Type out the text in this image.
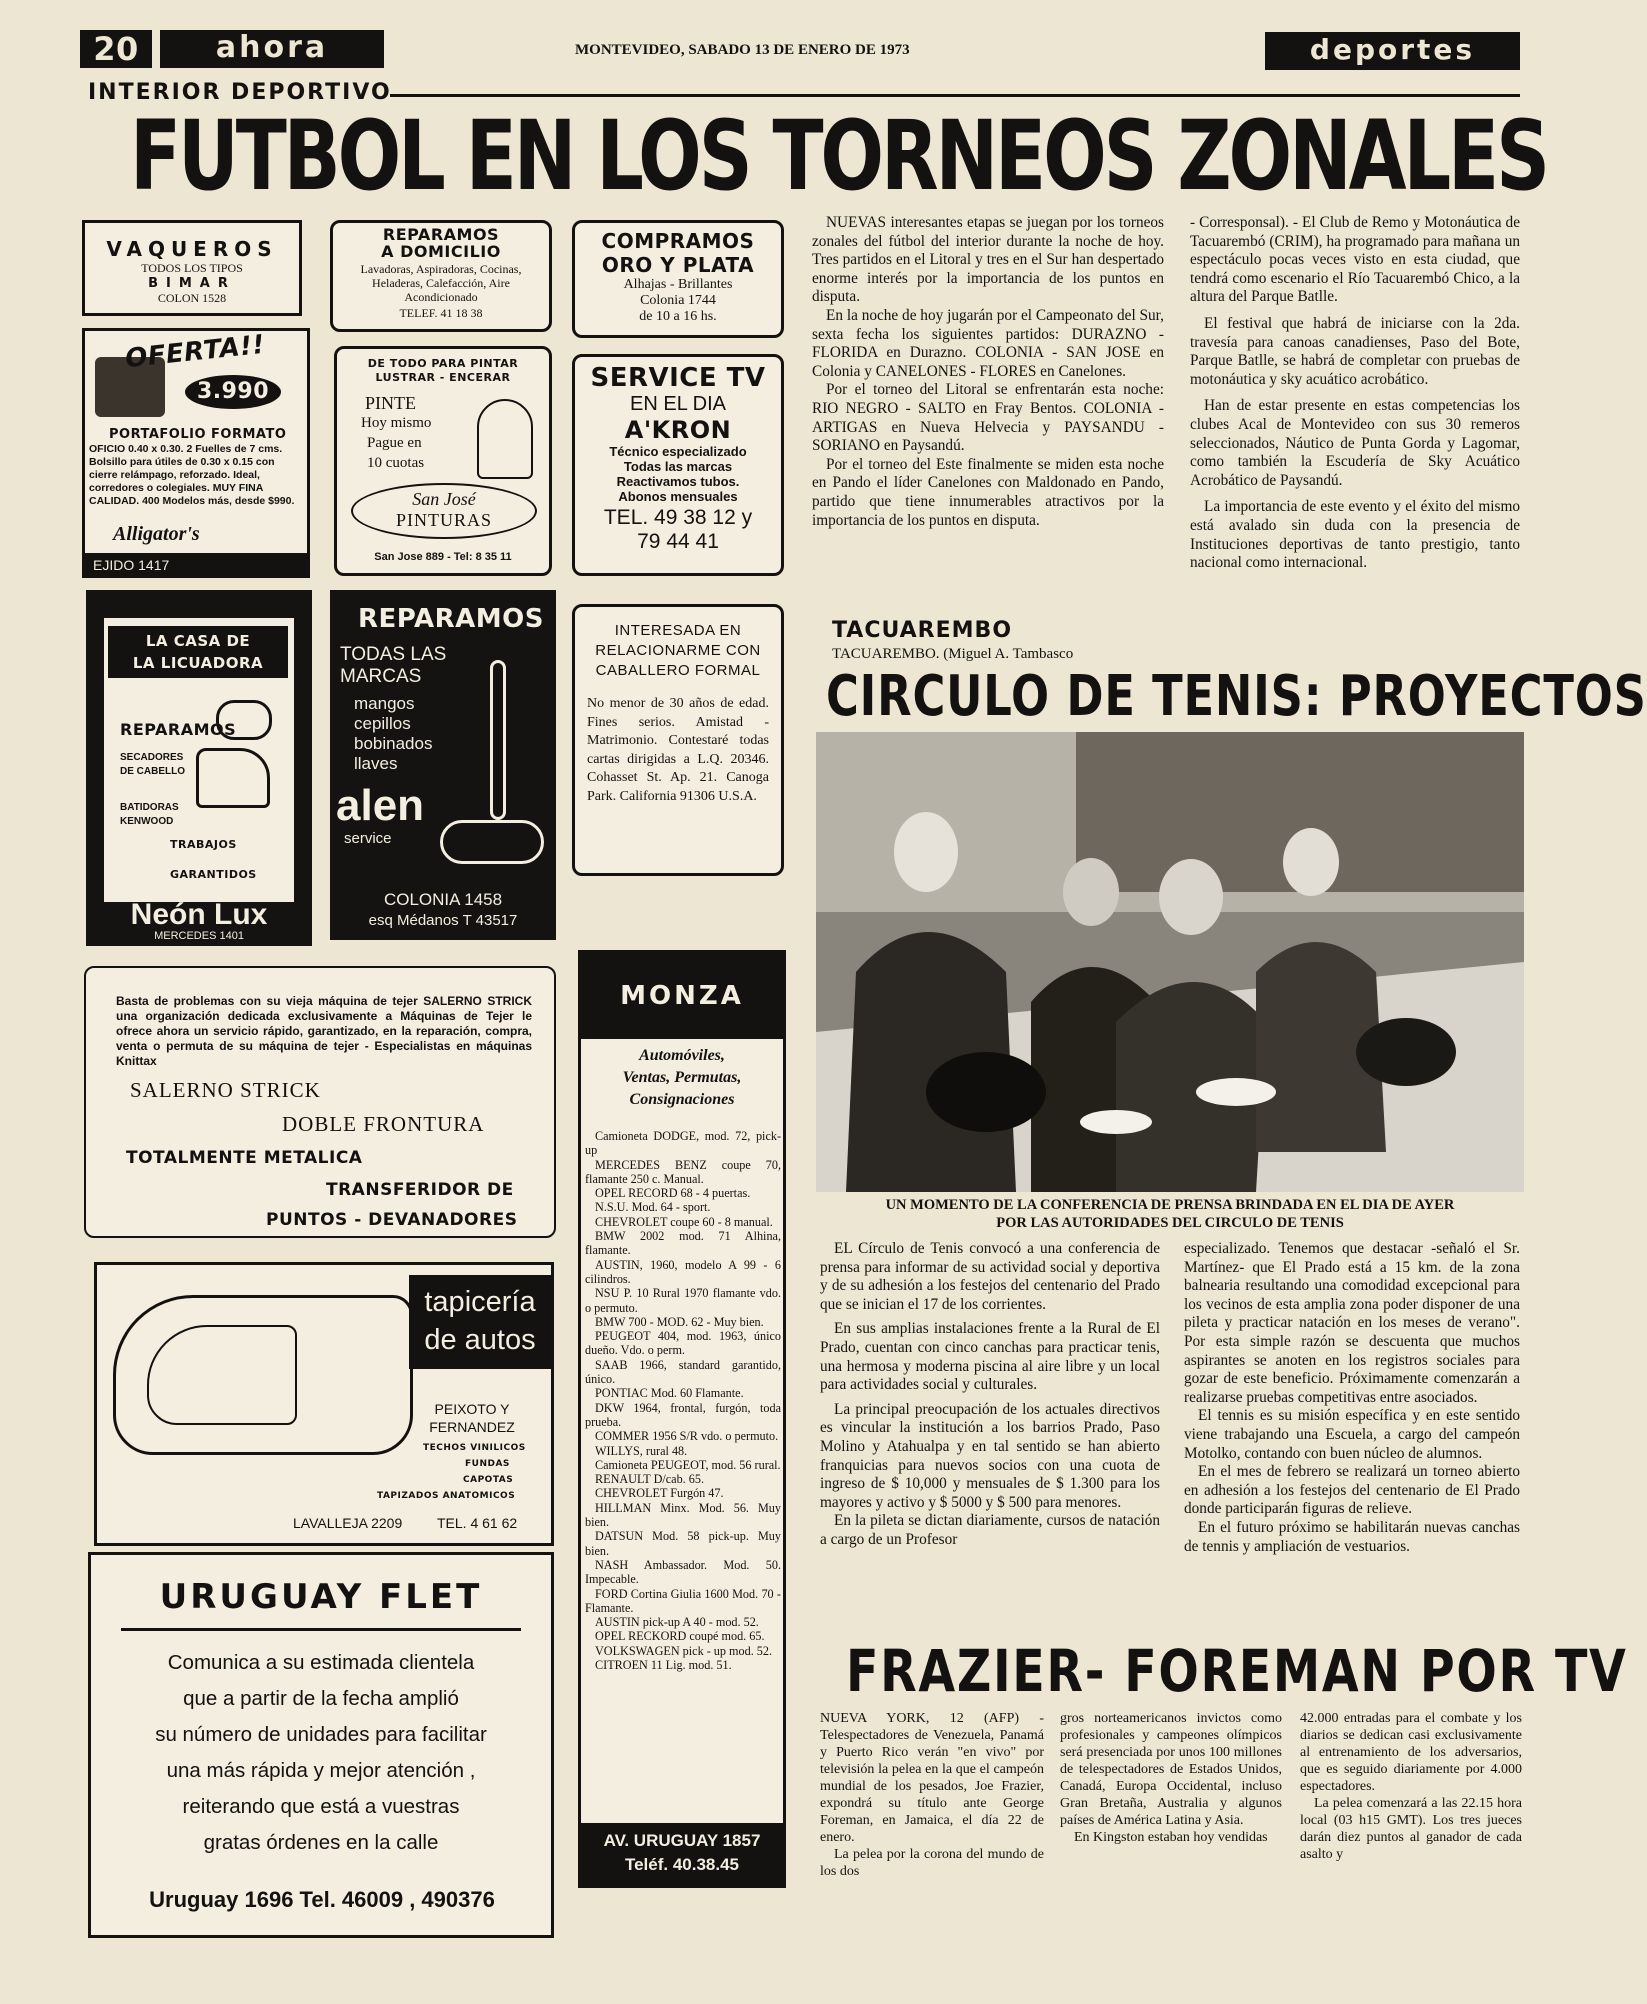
20	ahora	MONTEVIDEO, SABADO 13 DE ENERO DE 1973	deportes
INTERIOR DEPORTIVO
FUTBOL EN LOS TORNEOS ZONALES
VAQUEROS
TODOS LOS TIPOS
BIMAR
COLON 1528
REPARAMOS
A DOMICILIO
Lavadoras, Aspiradoras, Cocinas, Heladeras, Calefacción, Aire Acondicionado
TELEF. 41 18 38
COMPRAMOS
ORO Y PLATA
Alhajas - Brillantes
Colonia 1744
de 10 a 16 hs.
OFERTA!!
3.990
PORTAFOLIO FORMATO
OFICIO 0.40 x 0.30. 2 Fuelles de 7 cms. Bolsillo para útiles de 0.30 x 0.15 con cierre relámpago, reforzado. Ideal, corredores o colegiales. MUY FINA CALIDAD. 400 Modelos más, desde $990.
Alligator's
EJIDO 1417
DE TODO PARA PINTAR LUSTRAR - ENCERAR
PINTE
Hoy mismo
Pague en
10 cuotas
San José
PINTURAS
San Jose 889 - Tel: 8 35 11
SERVICE TV
EN EL DIA
A'KRON
Técnico especializado
Todas las marcas
Reactivamos tubos.
Abonos mensuales
TEL. 49 38 12 y
79 44 41
LA CASA DE
LA LICUADORA
REPARAMOS
SECADORES
DE CABELLO
BATIDORAS
KENWOOD
TRABAJOS
GARANTIDOS
Neón Lux
MERCEDES 1401
REPARAMOS
TODAS LAS
MARCAS
mangos
cepillos
bobinados
llaves
alen
service
COLONIA 1458
esq Médanos T 43517
INTERESADA EN RELACIONARME CON CABALLERO FORMAL
No menor de 30 años de edad. Fines serios. Amistad - Matrimonio. Contestaré todas cartas dirigidas a L.Q. 20346. Cohasset St. Ap. 21. Canoga Park. California 91306 U.S.A.
Basta de problemas con su vieja máquina de tejer SALERNO STRICK una organización dedicada exclusivamente a Máquinas de Tejer le ofrece ahora un servicio rápido, garantizado, en la reparación, compra, venta o permuta de su máquina de tejer - Especialistas en máquinas Knittax
SALERNO STRICK
DOBLE FRONTURA
TOTALMENTE METALICA
TRANSFERIDOR DE
PUNTOS - DEVANADORES
tapicería
de autos
PEIXOTO Y
FERNANDEZ
TECHOS VINILICOS
FUNDAS
CAPOTAS
TAPIZADOS ANATOMICOS
LAVALLEJA 2209 TEL. 4 61 62
URUGUAY FLET
Comunica a su estimada clientela
que a partir de la fecha amplió
su número de unidades para facilitar
una más rápida y mejor atención ,
reiterando que está a vuestras
gratas órdenes en la calle
Uruguay 1696 Tel. 46009 , 490376
MONZA
Automóviles,
Ventas, Permutas,
Consignaciones
Camioneta DODGE, mod. 72, pick-up
MERCEDES BENZ coupe 70, flamante 250 c. Manual.
OPEL RECORD 68 - 4 puertas.
N.S.U. Mod. 64 - sport.
CHEVROLET coupe 60 - 8 manual.
BMW 2002 mod. 71 Alhina, flamante.
AUSTIN, 1960, modelo A 99 - 6 cilindros.
NSU P. 10 Rural 1970 flamante vdo. o permuto.
BMW 700 - MOD. 62 - Muy bien.
PEUGEOT 404, mod. 1963, único dueño. Vdo. o perm.
SAAB 1966, standard garantido, único.
PONTIAC Mod. 60 Flamante.
DKW 1964, frontal, furgón, toda prueba.
COMMER 1956 S/R vdo. o permuto.
WILLYS, rural 48.
Camioneta PEUGEOT, mod. 56 rural.
RENAULT D/cab. 65.
CHEVROLET Furgón 47.
HILLMAN Minx. Mod. 56. Muy bien.
DATSUN Mod. 58 pick-up. Muy bien.
NASH Ambassador. Mod. 50. Impecable.
FORD Cortina Giulia 1600 Mod. 70 - Flamante.
AUSTIN pick-up A 40 - mod. 52.
OPEL RECKORD coupé mod. 65.
VOLKSWAGEN pick - up mod. 52.
CITROEN 11 Lig. mod. 51.
AV. URUGUAY 1857
Teléf. 40.38.45

NUEVAS interesantes etapas se juegan por los torneos zonales del fútbol del interior durante la noche de hoy. Tres partidos en el Litoral y tres en el Sur han despertado enorme interés por la importancia de los puntos en disputa.

En la noche de hoy jugarán por el Campeonato del Sur, sexta fecha los siguientes partidos: DURAZNO - FLORIDA en Durazno. COLONIA - SAN JOSE en Colonia y CANELONES - FLORES en Canelones.

Por el torneo del Litoral se enfrentarán esta noche: RIO NEGRO - SALTO en Fray Bentos. COLONIA - ARTIGAS en Nueva Helvecia y PAYSANDU - SORIANO en Paysandú.

Por el torneo del Este finalmente se miden esta noche en Pando el líder Canelones con Maldonado en Pando, partido que tiene innumerables atractivos por la importancia de los puntos en disputa.

TACUAREMBO
TACUAREMBO. (Miguel A. Tambasco

- Corresponsal). - El Club de Remo y Motonáutica de Tacuarembó (CRIM), ha programado para mañana un espectáculo pocas veces visto en esta ciudad, que tendrá como escenario el Río Tacuarembó Chico, a la altura del Parque Batlle.

El festival que habrá de iniciarse con la 2da. travesía para canoas canadienses, Paso del Bote, Parque Batlle, se habrá de completar con pruebas de motonáutica y sky acuático acrobático.

Han de estar presente en estas competencias los clubes Acal de Montevideo con sus 30 remeros seleccionados, Náutico de Punta Gorda y Lagomar, como también la Escudería de Sky Acuático Acrobático de Paysandú.

La importancia de este evento y el éxito del mismo está avalado sin duda con la presencia de Instituciones deportivas de tanto prestigio, tanto nacional como internacional.

CIRCULO DE TENIS: PROYECTOS
UN MOMENTO DE LA CONFERENCIA DE PRENSA BRINDADA EN EL DIA DE AYER
POR LAS AUTORIDADES DEL CIRCULO DE TENIS

EL Círculo de Tenis convocó a una conferencia de prensa para informar de su actividad social y deportiva y de su adhesión a los festejos del centenario del Prado que se inician el 17 de los corrientes.

En sus amplias instalaciones frente a la Rural de El Prado, cuentan con cinco canchas para practicar tenis, una hermosa y moderna piscina al aire libre y un local para actividades social y culturales.

La principal preocupación de los actuales directivos es vincular la institución a los barrios Prado, Paso Molino y Atahualpa y en tal sentido se han abierto franquicias para nuevos socios con una cuota de ingreso de $ 10,000 y mensuales de $ 1.300 para los mayores y activo y $ 5000 y $ 500 para menores.

En la pileta se dictan diariamente, cursos de natación a cargo de un Profesor

especializado. Tenemos que destacar -señaló el Sr. Martínez- que El Prado está a 15 km. de la zona balnearia resultando una comodidad excepcional para los vecinos de esta amplia zona poder disponer de una pileta y practicar natación en los meses de verano". Por esta simple razón se descuenta que muchos aspirantes se anoten en los registros sociales para gozar de este beneficio. Próximamente comenzarán a realizarse pruebas competitivas entre asociados.

El tennis es su misión específica y en este sentido viene trabajando una Escuela, a cargo del campeón Motolko, contando con buen núcleo de alumnos.

En el mes de febrero se realizará un torneo abierto en adhesión a los festejos del centenario de El Prado donde participarán figuras de relieve.

En el futuro próximo se habilitarán nuevas canchas de tennis y ampliación de vestuarios.

FRAZIER- FOREMAN POR TV

NUEVA YORK, 12 (AFP) - Telespectadores de Venezuela, Panamá y Puerto Rico verán "en vivo" por televisión la pelea en la que el campeón mundial de los pesados, Joe Frazier, expondrá su título ante George Foreman, en Jamaica, el día 22 de enero.

La pelea por la corona del mundo de los dos

gros norteamericanos invictos como profesionales y campeones olímpicos será presenciada por unos 100 millones de telespectadores de Estados Unidos, Canadá, Europa Occidental, incluso Gran Bretaña, Australia y algunos países de América Latina y Asia.

En Kingston estaban hoy vendidas

42.000 entradas para el combate y los diarios se dedican casi exclusivamente al entrenamiento de los adversarios, que es seguido diariamente por 4.000 espectadores.

La pelea comenzará a las 22.15 hora local (03 h15 GMT). Los tres jueces darán diez puntos al ganador de cada asalto y
